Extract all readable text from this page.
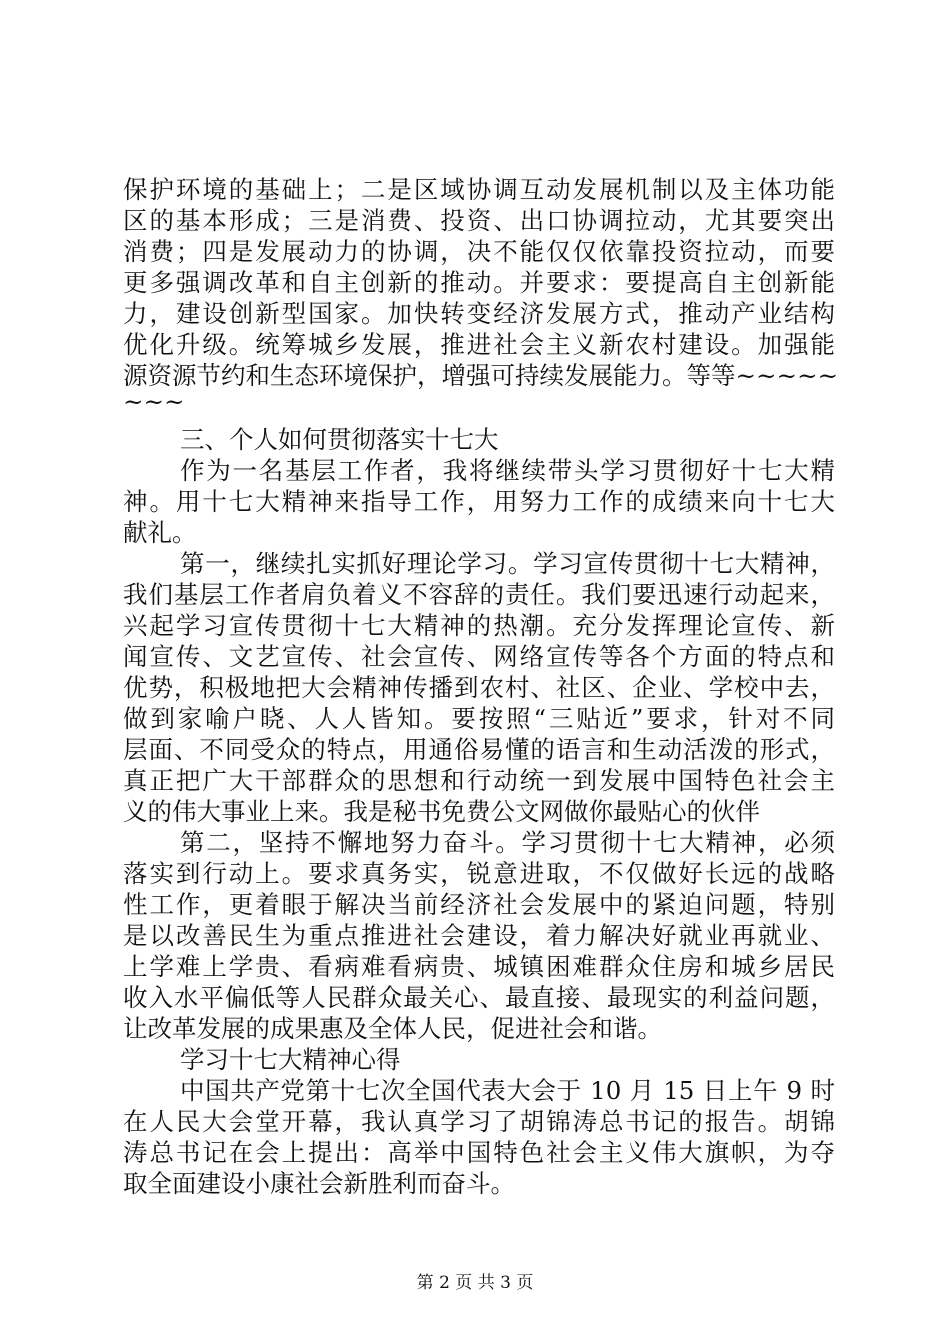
保护环境的基础上；二是区域协调互动发展机制以及主体功能
区的基本形成；三是消费、投资、出口协调拉动，尤其要突出
消费；四是发展动力的协调，决不能仅仅依靠投资拉动，而要
更多强调改革和自主创新的推动。并要求：要提高自主创新能
力，建设创新型国家。加快转变经济发展方式，推动产业结构
优化升级。统筹城乡发展，推进社会主义新农村建设。加强能
源资源节约和生态环境保护，增强可持续发展能力。等等~~~~~
~~~
三、个人如何贯彻落实十七大
作为一名基层工作者，我将继续带头学习贯彻好十七大精
神。用十七大精神来指导工作，用努力工作的成绩来向十七大
献礼。
第一，继续扎实抓好理论学习。学习宣传贯彻十七大精神，
我们基层工作者肩负着义不容辞的责任。我们要迅速行动起来，
兴起学习宣传贯彻十七大精神的热潮。充分发挥理论宣传、新
闻宣传、文艺宣传、社会宣传、网络宣传等各个方面的特点和
优势，积极地把大会精神传播到农村、社区、企业、学校中去，
做到家喻户晓、人人皆知。要按照“三贴近”要求，针对不同
层面、不同受众的特点，用通俗易懂的语言和生动活泼的形式，
真正把广大干部群众的思想和行动统一到发展中国特色社会主
义的伟大事业上来。我是秘书免费公文网做你最贴心的伙伴
第二，坚持不懈地努力奋斗。学习贯彻十七大精神，必须
落实到行动上。要求真务实，锐意进取，不仅做好长远的战略
性工作，更着眼于解决当前经济社会发展中的紧迫问题，特别
是以改善民生为重点推进社会建设，着力解决好就业再就业、
上学难上学贵、看病难看病贵、城镇困难群众住房和城乡居民
收入水平偏低等人民群众最关心、最直接、最现实的利益问题，
让改革发展的成果惠及全体人民，促进社会和谐。
学习十七大精神心得
中国共产党第十七次全国代表大会于 10 月 15 日上午 9 时
在人民大会堂开幕，我认真学习了胡锦涛总书记的报告。胡锦
涛总书记在会上提出：高举中国特色社会主义伟大旗帜，为夺
取全面建设小康社会新胜利而奋斗。
第 2 页 共 3 页
